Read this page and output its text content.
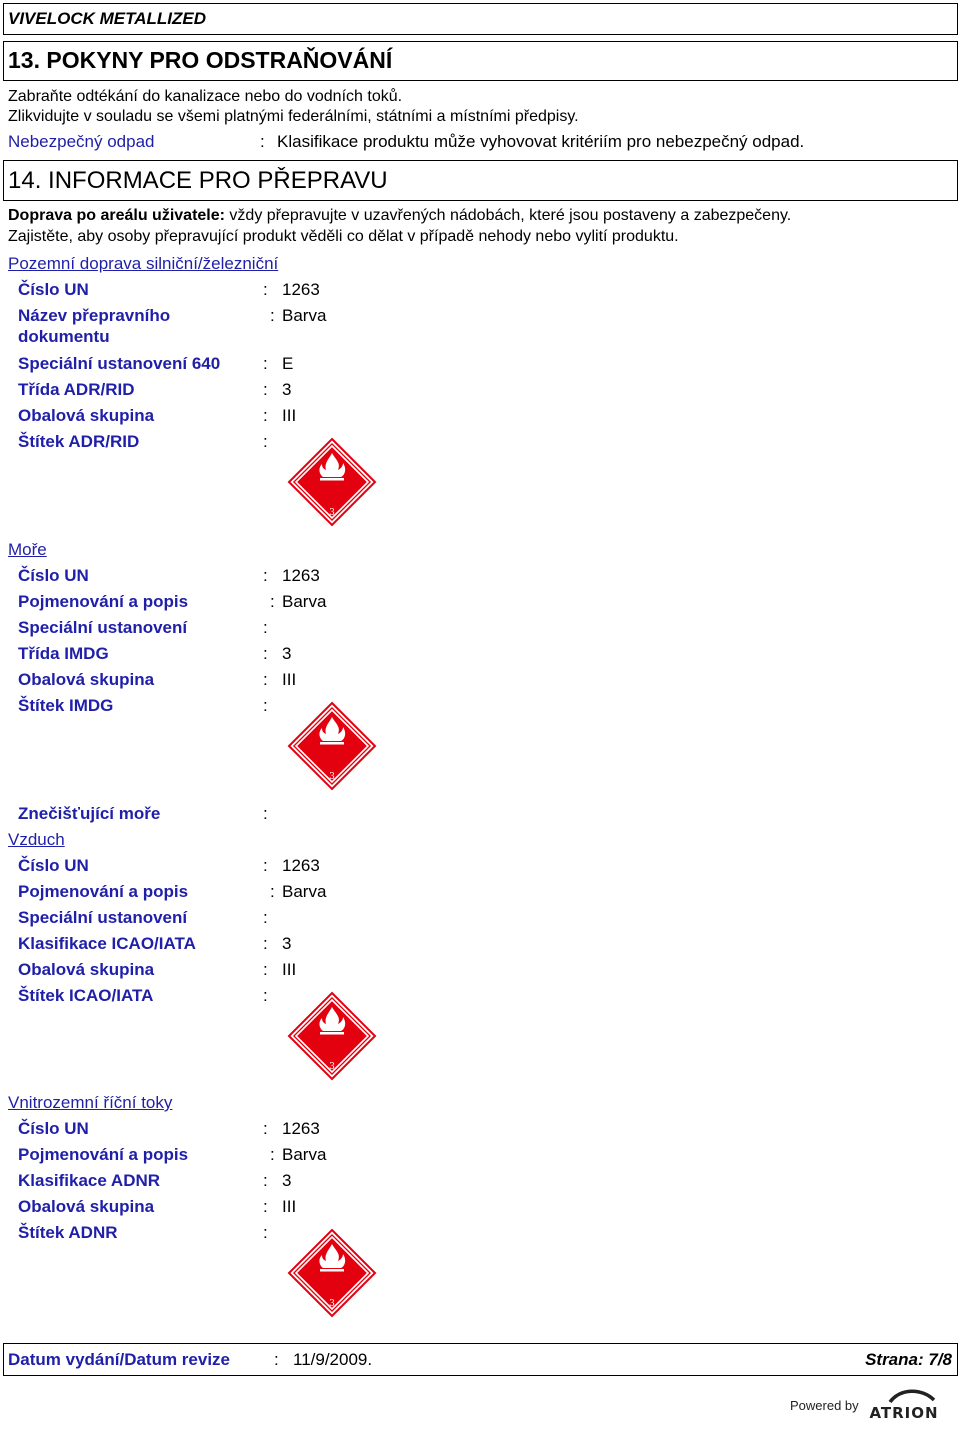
VIVELOCK METALLIZED
13. POKYNY PRO ODSTRAŇOVÁNÍ
Zabraňte odtékání do kanalizace nebo do vodních toků.
Zlikvidujte v souladu se všemi platnými federálními, státními a místními předpisy.
Nebezpečný odpad	: Klasifikace produktu může vyhovovat kritériím pro nebezpečný odpad.
14. INFORMACE PRO PŘEPRAVU
Doprava po areálu uživatele: vždy přepravujte v uzavřených nádobách, které jsou postaveny a zabezpečeny.
Zajistěte, aby osoby přepravující produkt věděli co dělat v případě nehody nebo vylití produktu.
Pozemní doprava silniční/železniční
Číslo UN	: 1263
Název přepravního
dokumentu
: Barva
Speciální ustanovení 640	: E
Třída ADR/RID	: 3
Obalová skupina	: III
Štítek ADR/RID	:
3
Moře
Číslo UN	: 1263
Pojmenování a popis	: Barva
Speciální ustanovení	:
Třída IMDG	: 3
Obalová skupina	: III
Štítek IMDG	:
3
Znečišťující moře	:
Vzduch
Číslo UN	: 1263
Pojmenování a popis	: Barva
Speciální ustanovení	:
Klasifikace ICAO/IATA	: 3
Obalová skupina	: III
Štítek ICAO/IATA	:
3
Vnitrozemní říční toky
Číslo UN	: 1263
Pojmenování a popis	: Barva
Klasifikace ADNR	: 3
Obalová skupina	: III
Štítek ADNR	:
3
Datum vydání/Datum revize	: 11/9/2009.	Strana: 7/8
Powered by ATRION
